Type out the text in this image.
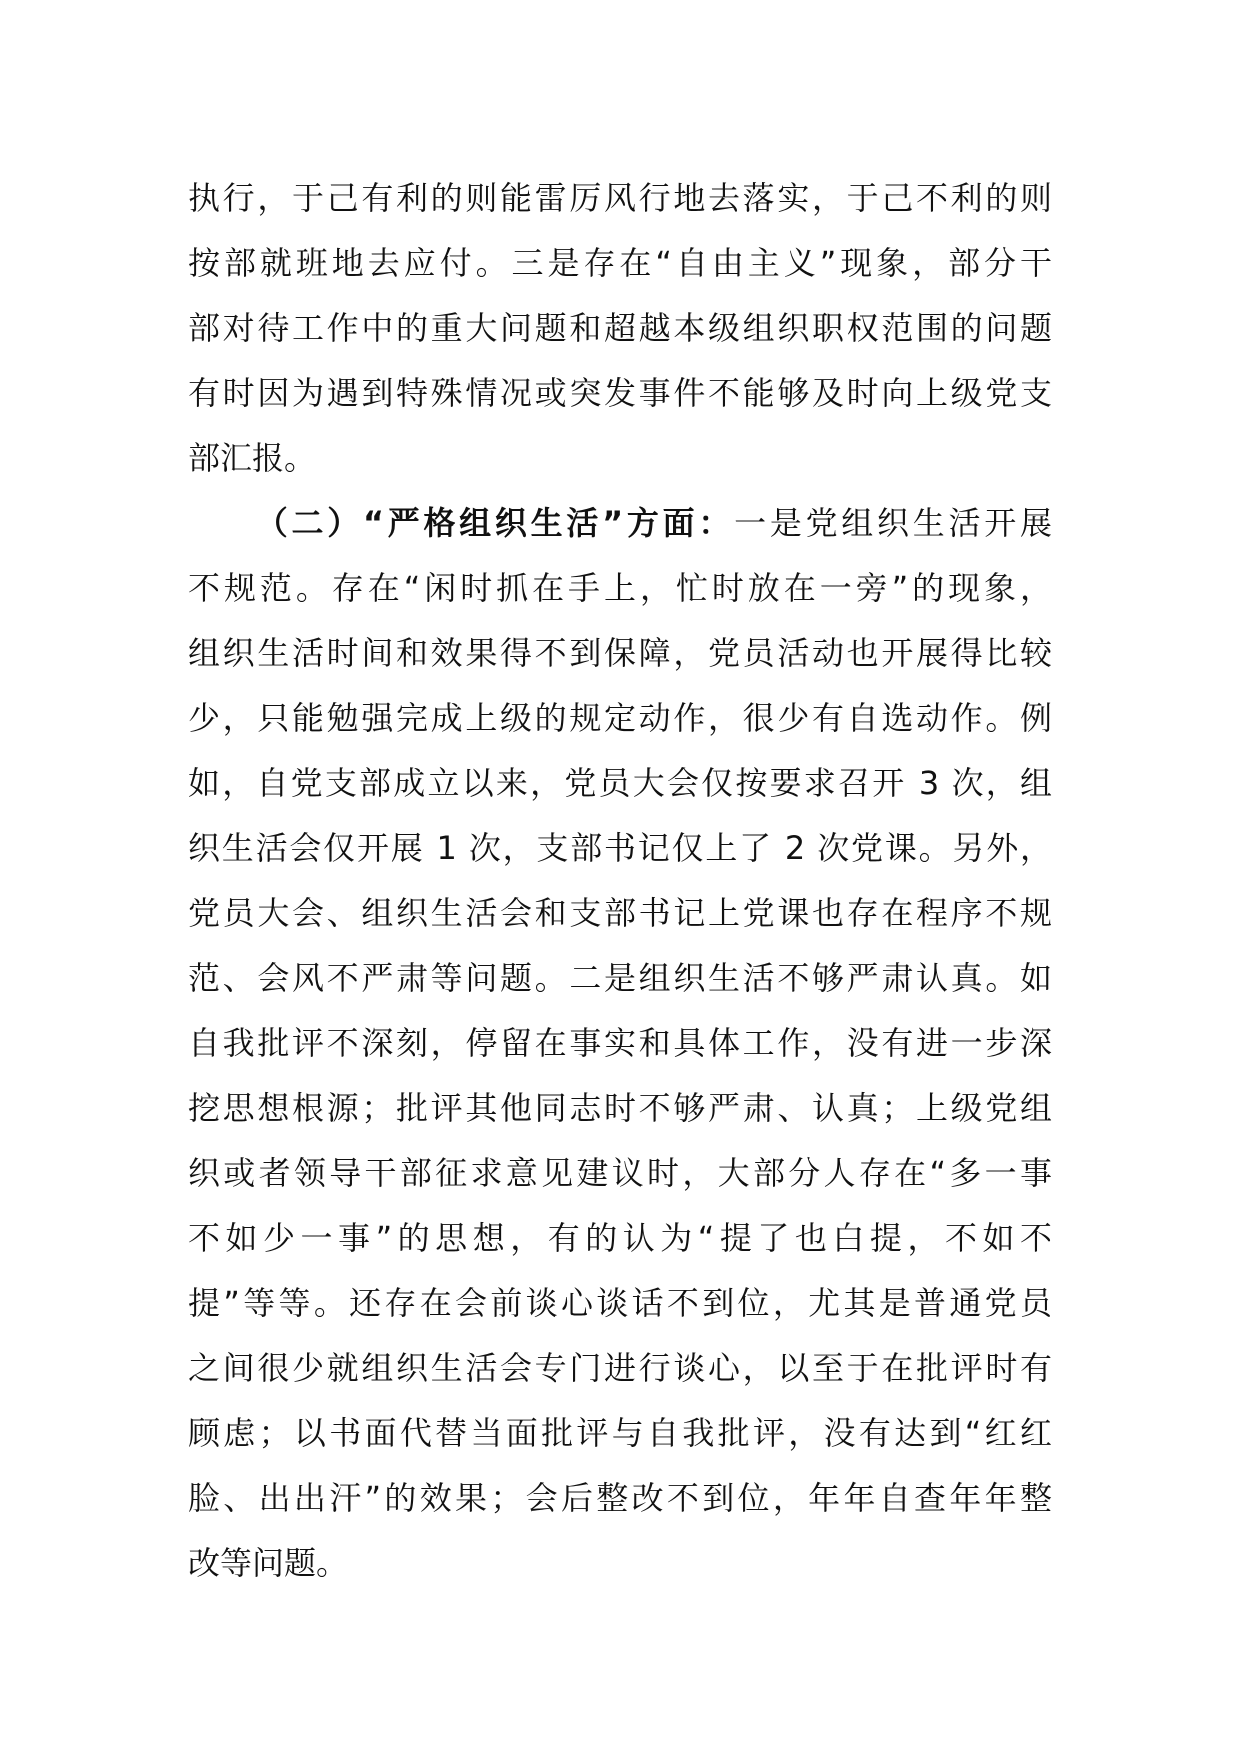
执行，于己有利的则能雷厉风行地去落实，于己不利的则
按部就班地去应付。三是存在“自由主义”现象，部分干
部对待工作中的重大问题和超越本级组织职权范围的问题
有时因为遇到特殊情况或突发事件不能够及时向上级党支
部汇报。
（二）“严格组织生活”方面：一是党组织生活开展
不规范。存在“闲时抓在手上，忙时放在一旁”的现象，
组织生活时间和效果得不到保障，党员活动也开展得比较
少，只能勉强完成上级的规定动作，很少有自选动作。例
如，自党支部成立以来，党员大会仅按要求召开 3 次，组
织生活会仅开展 1 次，支部书记仅上了 2 次党课。另外，
党员大会、组织生活会和支部书记上党课也存在程序不规
范、会风不严肃等问题。二是组织生活不够严肃认真。如
自我批评不深刻，停留在事实和具体工作，没有进一步深
挖思想根源；批评其他同志时不够严肃、认真；上级党组
织或者领导干部征求意见建议时，大部分人存在“多一事
不如少一事”的思想，有的认为“提了也白提，不如不
提”等等。还存在会前谈心谈话不到位，尤其是普通党员
之间很少就组织生活会专门进行谈心，以至于在批评时有
顾虑；以书面代替当面批评与自我批评，没有达到“红红
脸、出出汗”的效果；会后整改不到位，年年自查年年整
改等问题。
